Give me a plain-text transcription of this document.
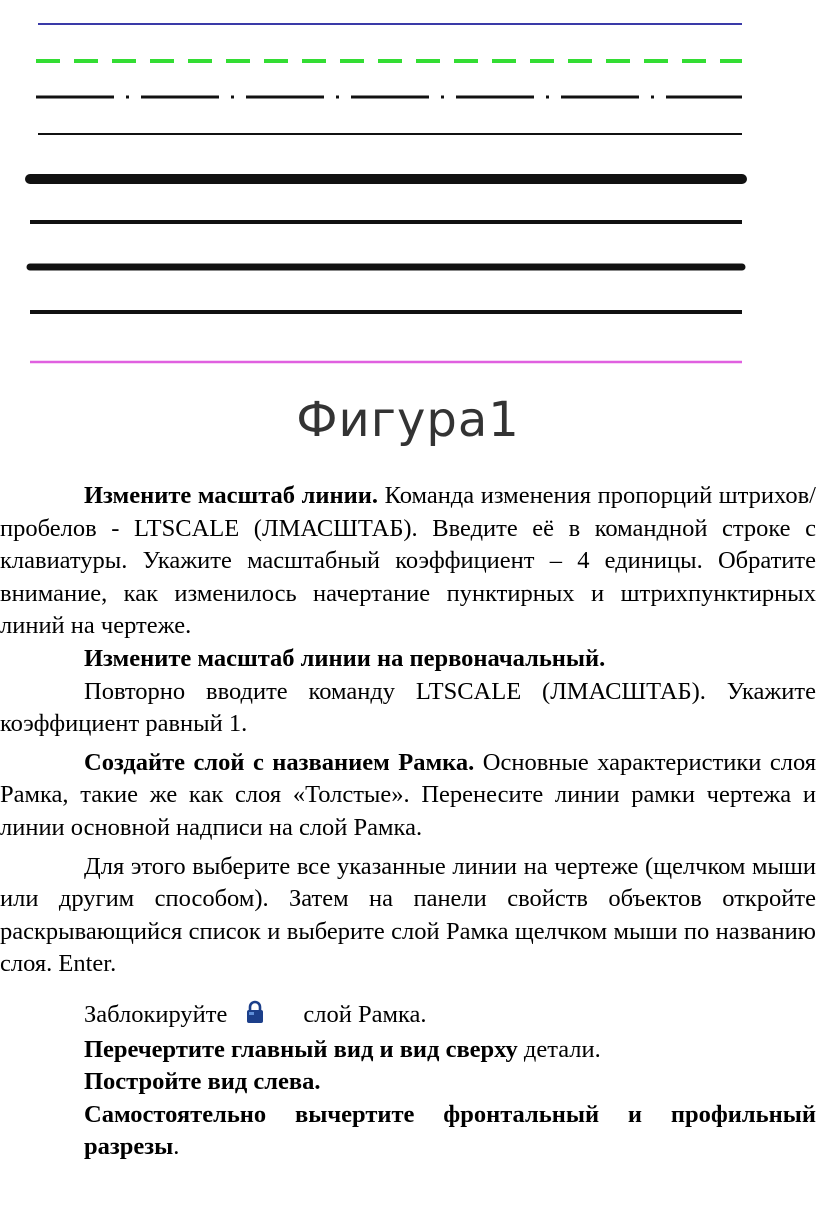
Фигура1

Измените масштаб линии. Команда изменения пропорций штрихов/пробелов - LTSCALE (ЛМАСШТАБ). Введите её в командной строке с клавиатуры. Укажите масштабный коэффициент – 4 единицы. Обратите внимание, как изменилось начертание пунктирных и штрихпунктирных линий на чертеже.

Измените масштаб линии на первоначальный.

Повторно вводите команду LTSCALE (ЛМАСШТАБ). Укажите коэффициент равный 1.

Создайте слой с названием Рамка. Основные характеристики слоя Рамка, такие же как слоя «Толстые». Перенесите линии рамки чертежа и линии основной надписи на слой Рамка.

Для этого выберите все указанные линии на чертеже (щелчком мыши или другим способом). Затем на панели свойств объектов откройте раскрывающийся список и выберите слой Рамка щелчком мыши по названию слоя. Enter.

Заблокируйте	слой Рамка.

Перечертите главный вид и вид сверху детали.

Постройте вид слева.

Самостоятельно вычертите фронтальный и профильный разрезы.
